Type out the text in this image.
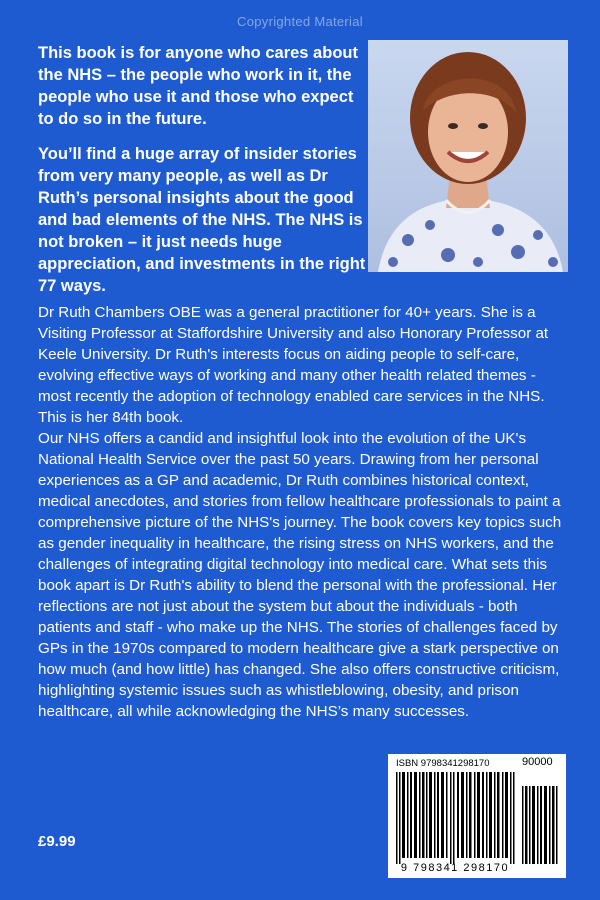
Copyrighted Material

This book is for anyone who cares about the NHS – the people who work in it, the people who use it and those who expect to do so in the future.

You’ll find a huge array of insider stories from very many people, as well as Dr Ruth’s personal insights about the good and bad elements of the NHS. The NHS is not broken – it just needs huge appreciation, and investments in the right 77 ways.

Dr Ruth Chambers OBE was a general practitioner for 40+ years. She is a Visiting Professor at Staffordshire University and also Honorary Professor at Keele University. Dr Ruth's interests focus on aiding people to self-care, evolving effective ways of working and many other health related themes - most recently the adoption of technology enabled care services in the NHS. This is her 84th book.

Our NHS offers a candid and insightful look into the evolution of the UK's National Health Service over the past 50 years. Drawing from her personal experiences as a GP and academic, Dr Ruth combines historical context, medical anecdotes, and stories from fellow healthcare professionals to paint a comprehensive picture of the NHS's journey. The book covers key topics such as gender inequality in healthcare, the rising stress on NHS workers, and the challenges of integrating digital technology into medical care. What sets this book apart is Dr Ruth's ability to blend the personal with the professional. Her reflections are not just about the system but about the individuals - both patients and staff - who make up the NHS. The stories of challenges faced by GPs in the 1970s compared to modern healthcare give a stark perspective on how much (and how little) has changed. She also offers constructive criticism, highlighting systemic issues such as whistleblowing, obesity, and prison healthcare, all while acknowledging the NHS’s many successes.

£9.99
ISBN 9798341298170	90000
9 798341 298170
